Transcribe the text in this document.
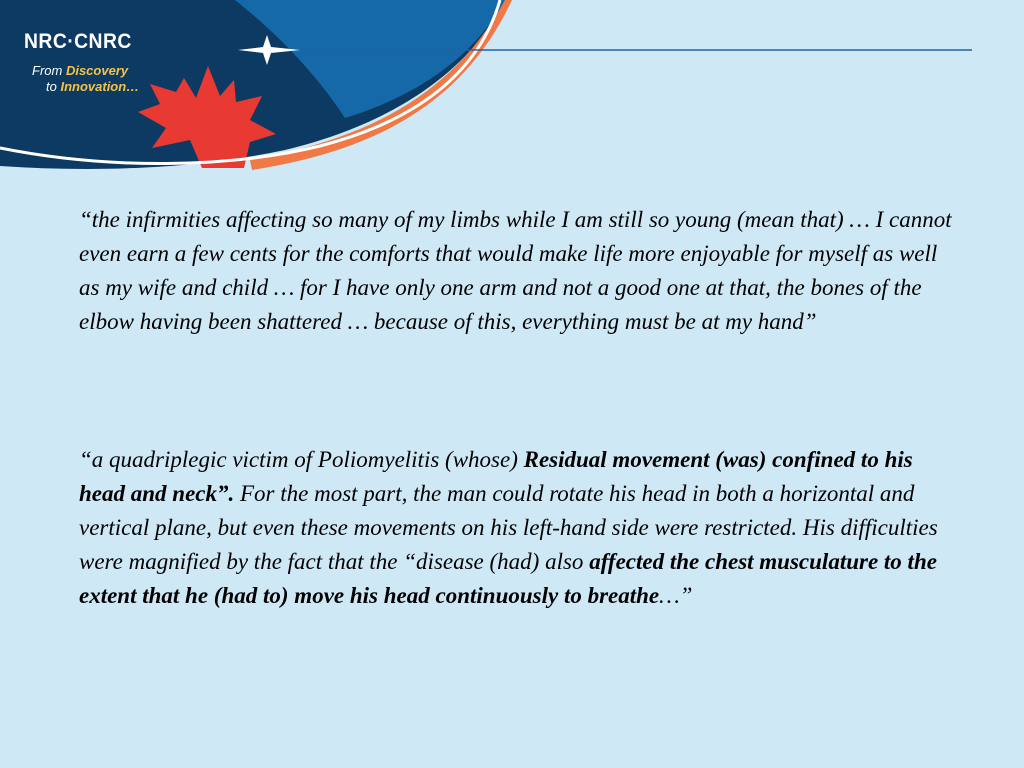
NRC·CNRC
From Discovery
to Innovation…
“the infirmities affecting so many of my limbs while I am still so young (mean that) … I cannot even earn a few cents for the comforts that would make life more enjoyable for myself as well as my wife and child … for I have only one arm and not a good one at that, the bones of the elbow having been shattered … because of this, everything must be at my hand”
“a quadriplegic victim of Poliomyelitis (whose) Residual movement (was) confined to his head and neck”. For the most part, the man could rotate his head in both a horizontal and vertical plane, but even these movements on his left-hand side were restricted. His difficulties were magnified by the fact that the “disease (had) also affected the chest musculature to the extent that he (had to) move his head continuously to breathe…”
